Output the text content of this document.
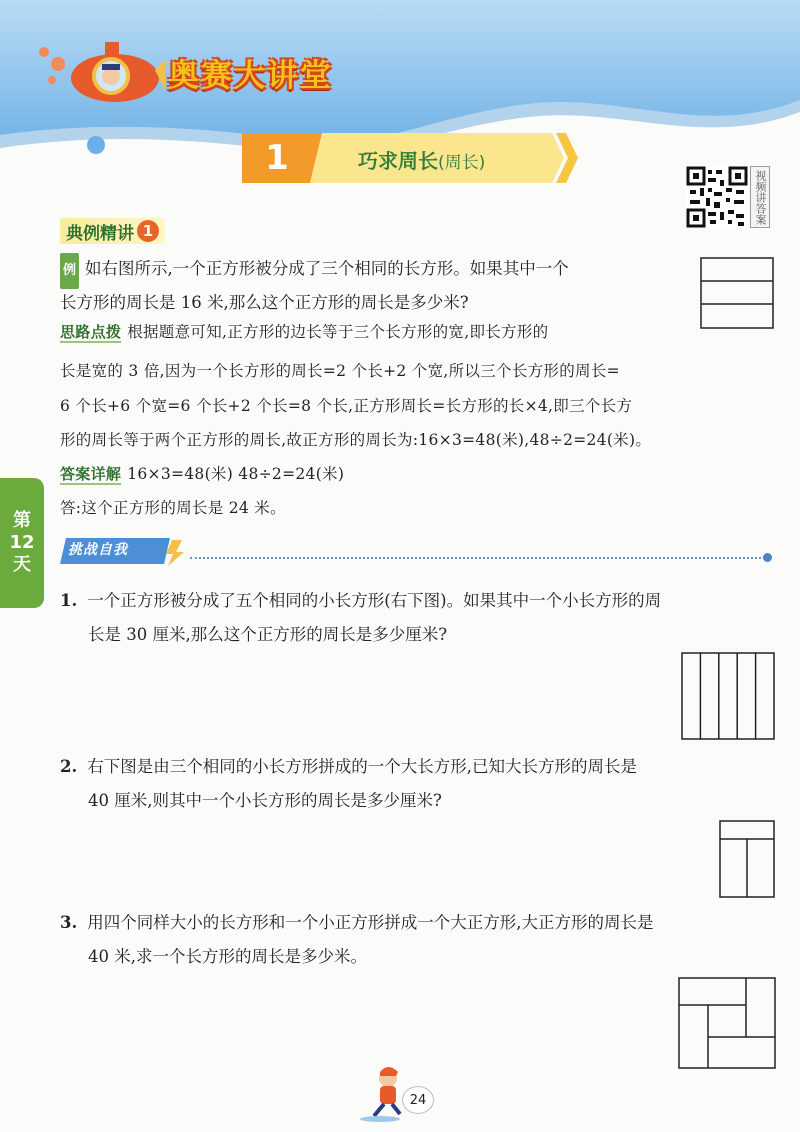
奥赛大讲堂
1	巧求周长(周长)
视频讲答案
典例精讲 1
例 如右图所示,一个正方形被分成了三个相同的长方形。如果其中一个
长方形的周长是 16 米,那么这个正方形的周长是多少米?
思路点拨 根据题意可知,正方形的边长等于三个长方形的宽,即长方形的
长是宽的 3 倍,因为一个长方形的周长=2 个长+2 个宽,所以三个长方形的周长=
6 个长+6 个宽=6 个长+2 个长=8 个长,正方形周长=长方形的长×4,即三个长方
形的周长等于两个正方形的周长,故正方形的周长为:16×3=48(米),48÷2=24(米)。
答案详解 16×3=48(米) 48÷2=24(米)
答:这个正方形的周长是 24 米。
第
12
天
挑战自我
1. 一个正方形被分成了五个相同的小长方形(右下图)。如果其中一个小长方形的周
长是 30 厘米,那么这个正方形的周长是多少厘米?
2. 右下图是由三个相同的小长方形拼成的一个大长方形,已知大长方形的周长是
40 厘米,则其中一个小长方形的周长是多少厘米?
3. 用四个同样大小的长方形和一个小正方形拼成一个大正方形,大正方形的周长是
40 米,求一个长方形的周长是多少米。
24
